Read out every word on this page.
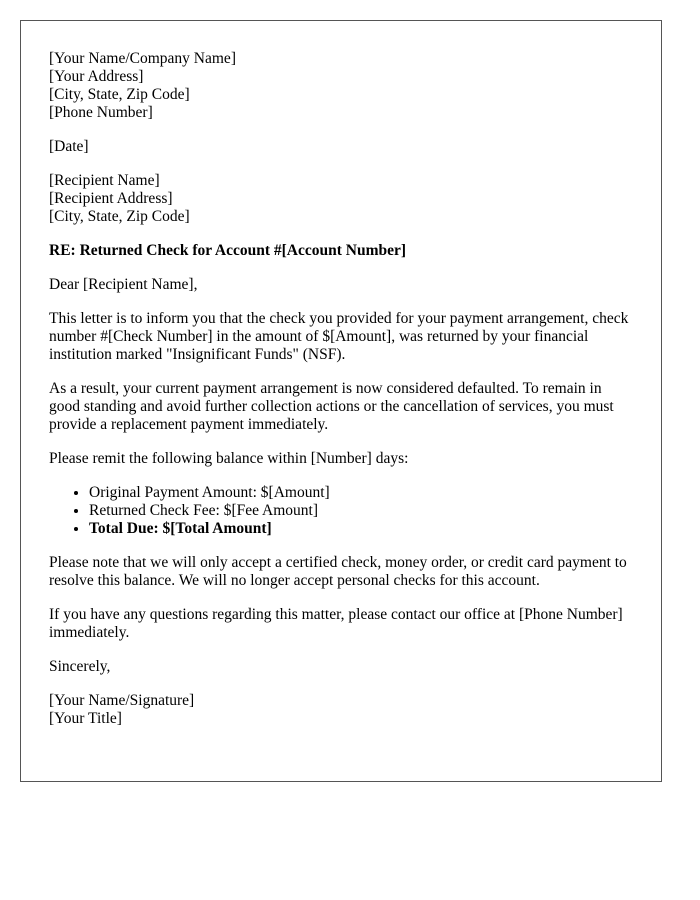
[Your Name/Company Name]
[Your Address]
[City, State, Zip Code]
[Phone Number]
[Date]
[Recipient Name]
[Recipient Address]
[City, State, Zip Code]
RE: Returned Check for Account #[Account Number]

Dear [Recipient Name],

This letter is to inform you that the check you provided for your payment arrangement, check number #[Check Number] in the amount of $[Amount], was returned by your financial institution marked "Insignificant Funds" (NSF).

As a result, your current payment arrangement is now considered defaulted. To remain in good standing and avoid further collection actions or the cancellation of services, you must provide a replacement payment immediately.

Please remit the following balance within [Number] days:

• Original Payment Amount: $[Amount]
• Returned Check Fee: $[Fee Amount]
• Total Due: $[Total Amount]

Please note that we will only accept a certified check, money order, or credit card payment to resolve this balance. We will no longer accept personal checks for this account.

If you have any questions regarding this matter, please contact our office at [Phone Number] immediately.

Sincerely,

[Your Name/Signature]
[Your Title]
